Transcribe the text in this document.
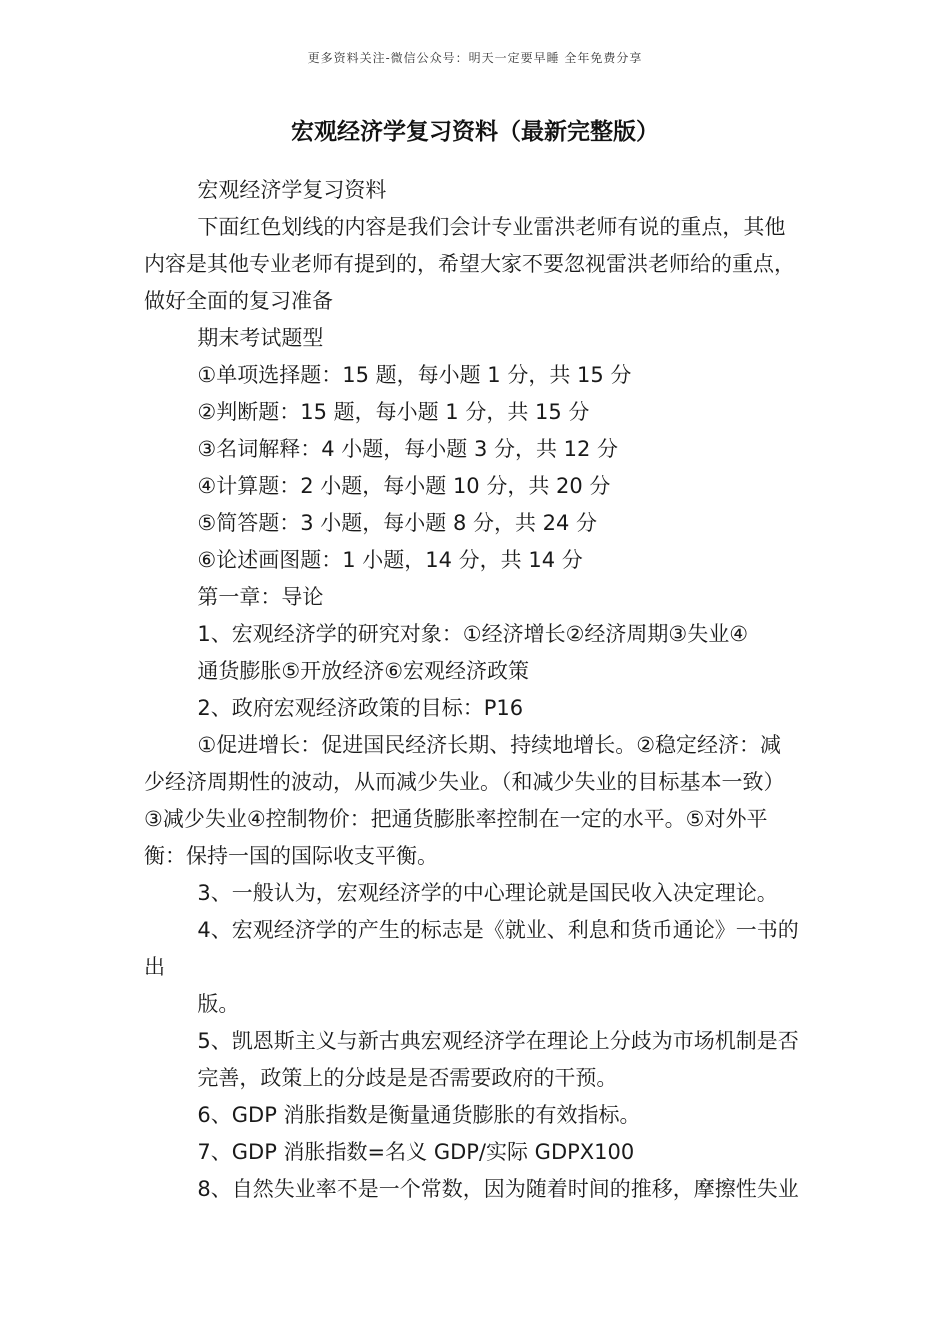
更多资料关注-微信公众号：明天一定要早睡 全年免费分享
宏观经济学复习资料（最新完整版）

宏观经济学复习资料

下面红色划线的内容是我们会计专业雷洪老师有说的重点，其他

内容是其他专业老师有提到的，希望大家不要忽视雷洪老师给的重点，

做好全面的复习准备

期末考试题型

①单项选择题：15 题，每小题 1 分，共 15 分

②判断题：15 题，每小题 1 分，共 15 分

③名词解释：4 小题，每小题 3 分，共 12 分

④计算题：2 小题，每小题 10 分，共 20 分

⑤简答题：3 小题，每小题 8 分，共 24 分

⑥论述画图题：1 小题，14 分，共 14 分

第一章：导论

1、宏观经济学的研究对象：①经济增长②经济周期③失业④

通货膨胀⑤开放经济⑥宏观经济政策

2、政府宏观经济政策的目标：P16

①促进增长：促进国民经济长期、持续地增长。②稳定经济：减

少经济周期性的波动，从而减少失业。（和减少失业的目标基本一致）

③减少失业④控制物价：把通货膨胀率控制在一定的水平。⑤对外平

衡：保持一国的国际收支平衡。

3、一般认为，宏观经济学的中心理论就是国民收入决定理论。

4、宏观经济学的产生的标志是《就业、利息和货币通论》一书的

出

版。

5、凯恩斯主义与新古典宏观经济学在理论上分歧为市场机制是否

完善，政策上的分歧是是否需要政府的干预。

6、GDP 消胀指数是衡量通货膨胀的有效指标。

7、GDP 消胀指数=名义 GDP/实际 GDPX100

8、自然失业率不是一个常数，因为随着时间的推移，摩擦性失业
